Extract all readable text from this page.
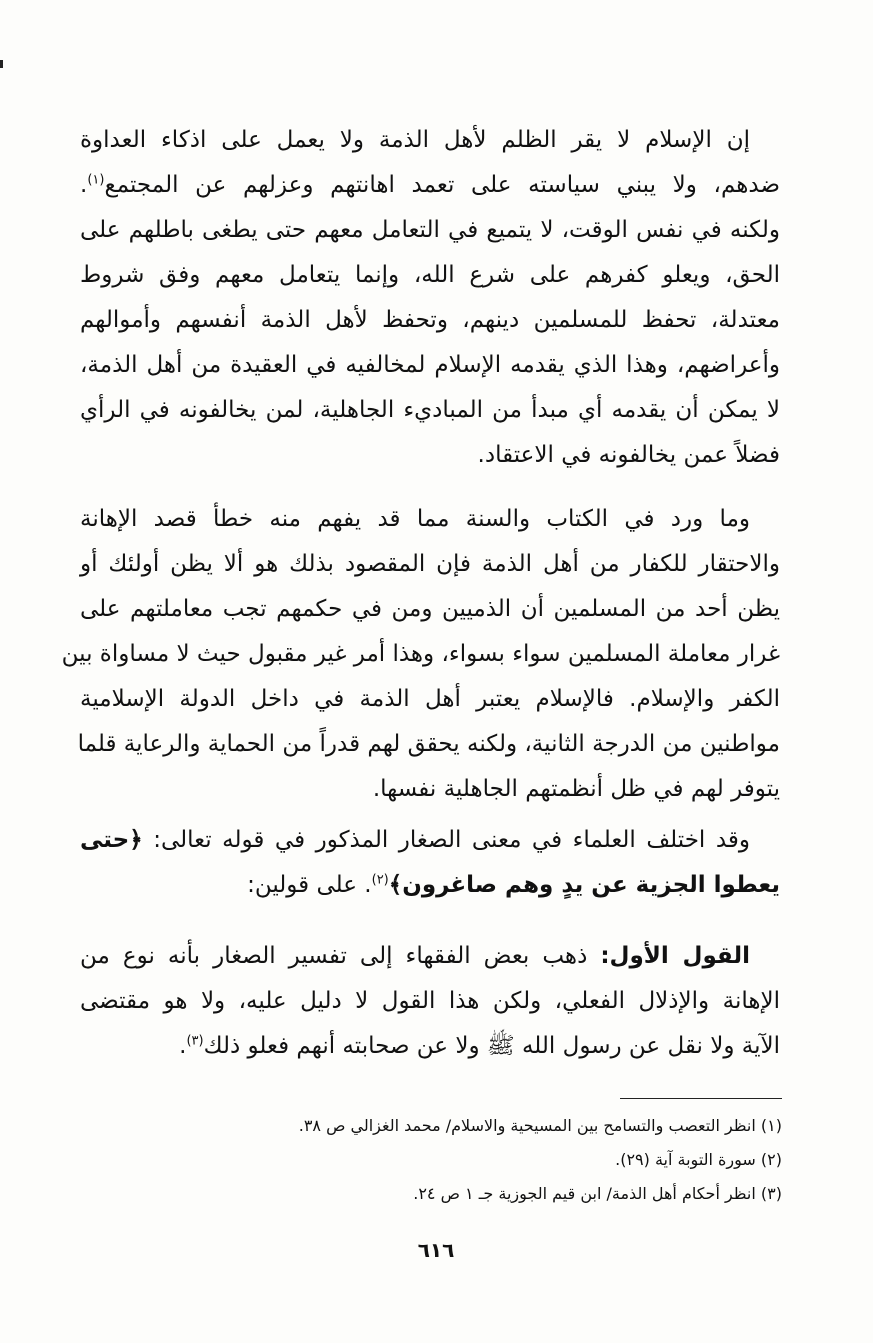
إن الإسلام لا يقر الظلم لأهل الذمة ولا يعمل على اذكاء العداوة
ضدهم، ولا يبني سياسته على تعمد اهانتهم وعزلهم عن المجتمع$^{(١)}$.
ولكنه في نفس الوقت، لا يتميع في التعامل معهم حتى يطغى باطلهم على
الحق، ويعلو كفرهم على شرع الله، وإنما يتعامل معهم وفق شروط
معتدلة، تحفظ للمسلمين دينهم، وتحفظ لأهل الذمة أنفسهم وأموالهم
وأعراضهم، وهذا الذي يقدمه الإسلام لمخالفيه في العقيدة من أهل الذمة،
لا يمكن أن يقدمه أي مبدأ من المباديء الجاهلية، لمن يخالفونه في الرأي
فضلاً عمن يخالفونه في الاعتقاد.
وما ورد في الكتاب والسنة مما قد يفهم منه خطأ قصد الإهانة
والاحتقار للكفار من أهل الذمة فإن المقصود بذلك هو ألا يظن أولئك أو
يظن أحد من المسلمين أن الذميين ومن في حكمهم تجب معاملتهم على
غرار معاملة المسلمين سواء بسواء، وهذا أمر غير مقبول حيث لا مساواة بين
الكفر والإسلام. فالإسلام يعتبر أهل الذمة في داخل الدولة الإسلامية
مواطنين من الدرجة الثانية، ولكنه يحقق لهم قدراً من الحماية والرعاية قلما
يتوفر لهم في ظل أنظمتهم الجاهلية نفسها.
وقد اختلف العلماء في معنى الصغار المذكور في قوله تعالى: ﴿حتى
يعطوا الجزية عن يدٍ وهم صاغرون﴾$^{(٢)}$. على قولين:
القول الأول: ذهب بعض الفقهاء إلى تفسير الصغار بأنه نوع من
الإهانة والإذلال الفعلي، ولكن هذا القول لا دليل عليه، ولا هو مقتضى
الآية ولا نقل عن رسول الله ﷺ ولا عن صحابته أنهم فعلو ذلك$^{(٣)}$.
(١) انظر التعصب والتسامح بين المسيحية والاسلام/ محمد الغزالي ص ٣٨.
(٢) سورة التوبة آية (٢٩).
(٣) انظر أحكام أهل الذمة/ ابن قيم الجوزية جـ ١ ص ٢٤.
٦١٦
